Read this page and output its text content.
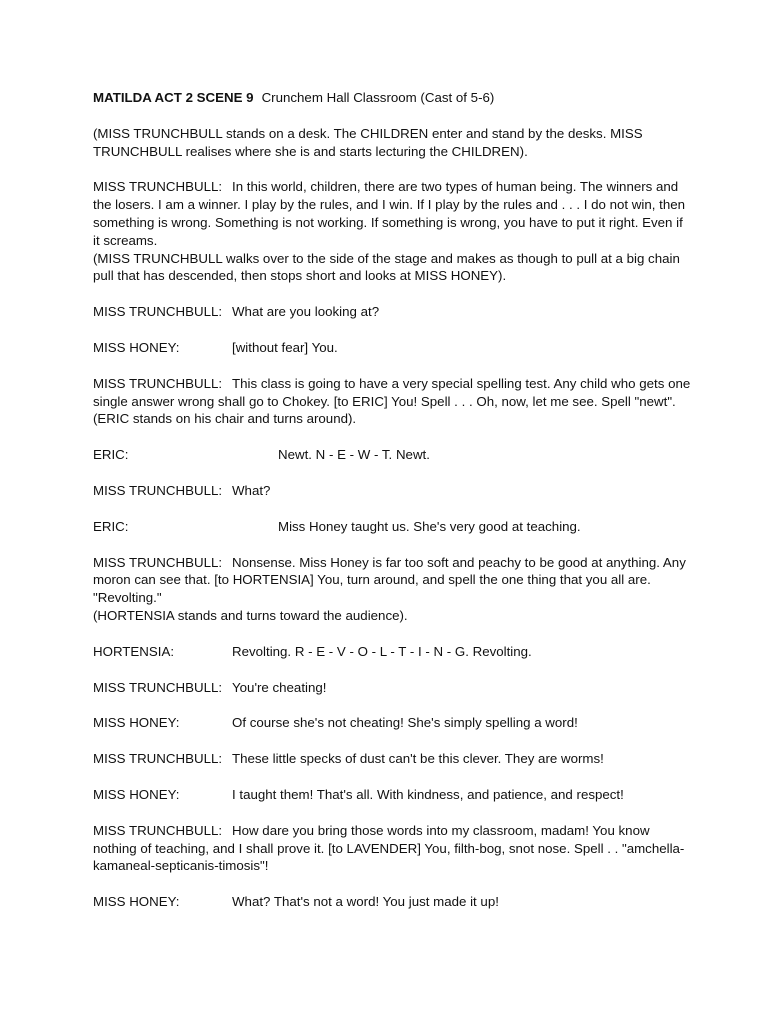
MATILDA ACT 2 SCENE 9 Crunchem Hall Classroom (Cast of 5-6)

(MISS TRUNCHBULL stands on a desk. The CHILDREN enter and stand by the desks. MISS TRUNCHBULL realises where she is and starts lecturing the CHILDREN).

MISS TRUNCHBULL: In this world, children, there are two types of human being. The winners and the losers. I am a winner. I play by the rules, and I win. If I play by the rules and . . . I do not win, then something is wrong. Something is not working. If something is wrong, you have to put it right. Even if it screams.

(MISS TRUNCHBULL walks over to the side of the stage and makes as though to pull at a big chain pull that has descended, then stops short and looks at MISS HONEY).

MISS TRUNCHBULL: What are you looking at?

MISS HONEY:	[without fear] You.

MISS TRUNCHBULL: This class is going to have a very special spelling test. Any child who gets one single answer wrong shall go to Chokey. [to ERIC] You! Spell . . . Oh, now, let me see. Spell "newt".

(ERIC stands on his chair and turns around).

ERIC:	Newt. N - E - W - T. Newt.

MISS TRUNCHBULL: What?

ERIC:	Miss Honey taught us. She's very good at teaching.

MISS TRUNCHBULL: Nonsense. Miss Honey is far too soft and peachy to be good at anything. Any moron can see that. [to HORTENSIA] You, turn around, and spell the one thing that you all are. "Revolting."

(HORTENSIA stands and turns toward the audience).

HORTENSIA:	Revolting. R - E - V - O - L - T - I - N - G. Revolting.

MISS TRUNCHBULL: You're cheating!

MISS HONEY:	Of course she's not cheating! She's simply spelling a word!

MISS TRUNCHBULL: These little specks of dust can't be this clever. They are worms!

MISS HONEY:	I taught them! That's all. With kindness, and patience, and respect!

MISS TRUNCHBULL: How dare you bring those words into my classroom, madam! You know nothing of teaching, and I shall prove it. [to LAVENDER] You, filth-bog, snot nose. Spell . . "amchella-kamaneal-septicanis-timosis"!

MISS HONEY:	What? That's not a word! You just made it up!
